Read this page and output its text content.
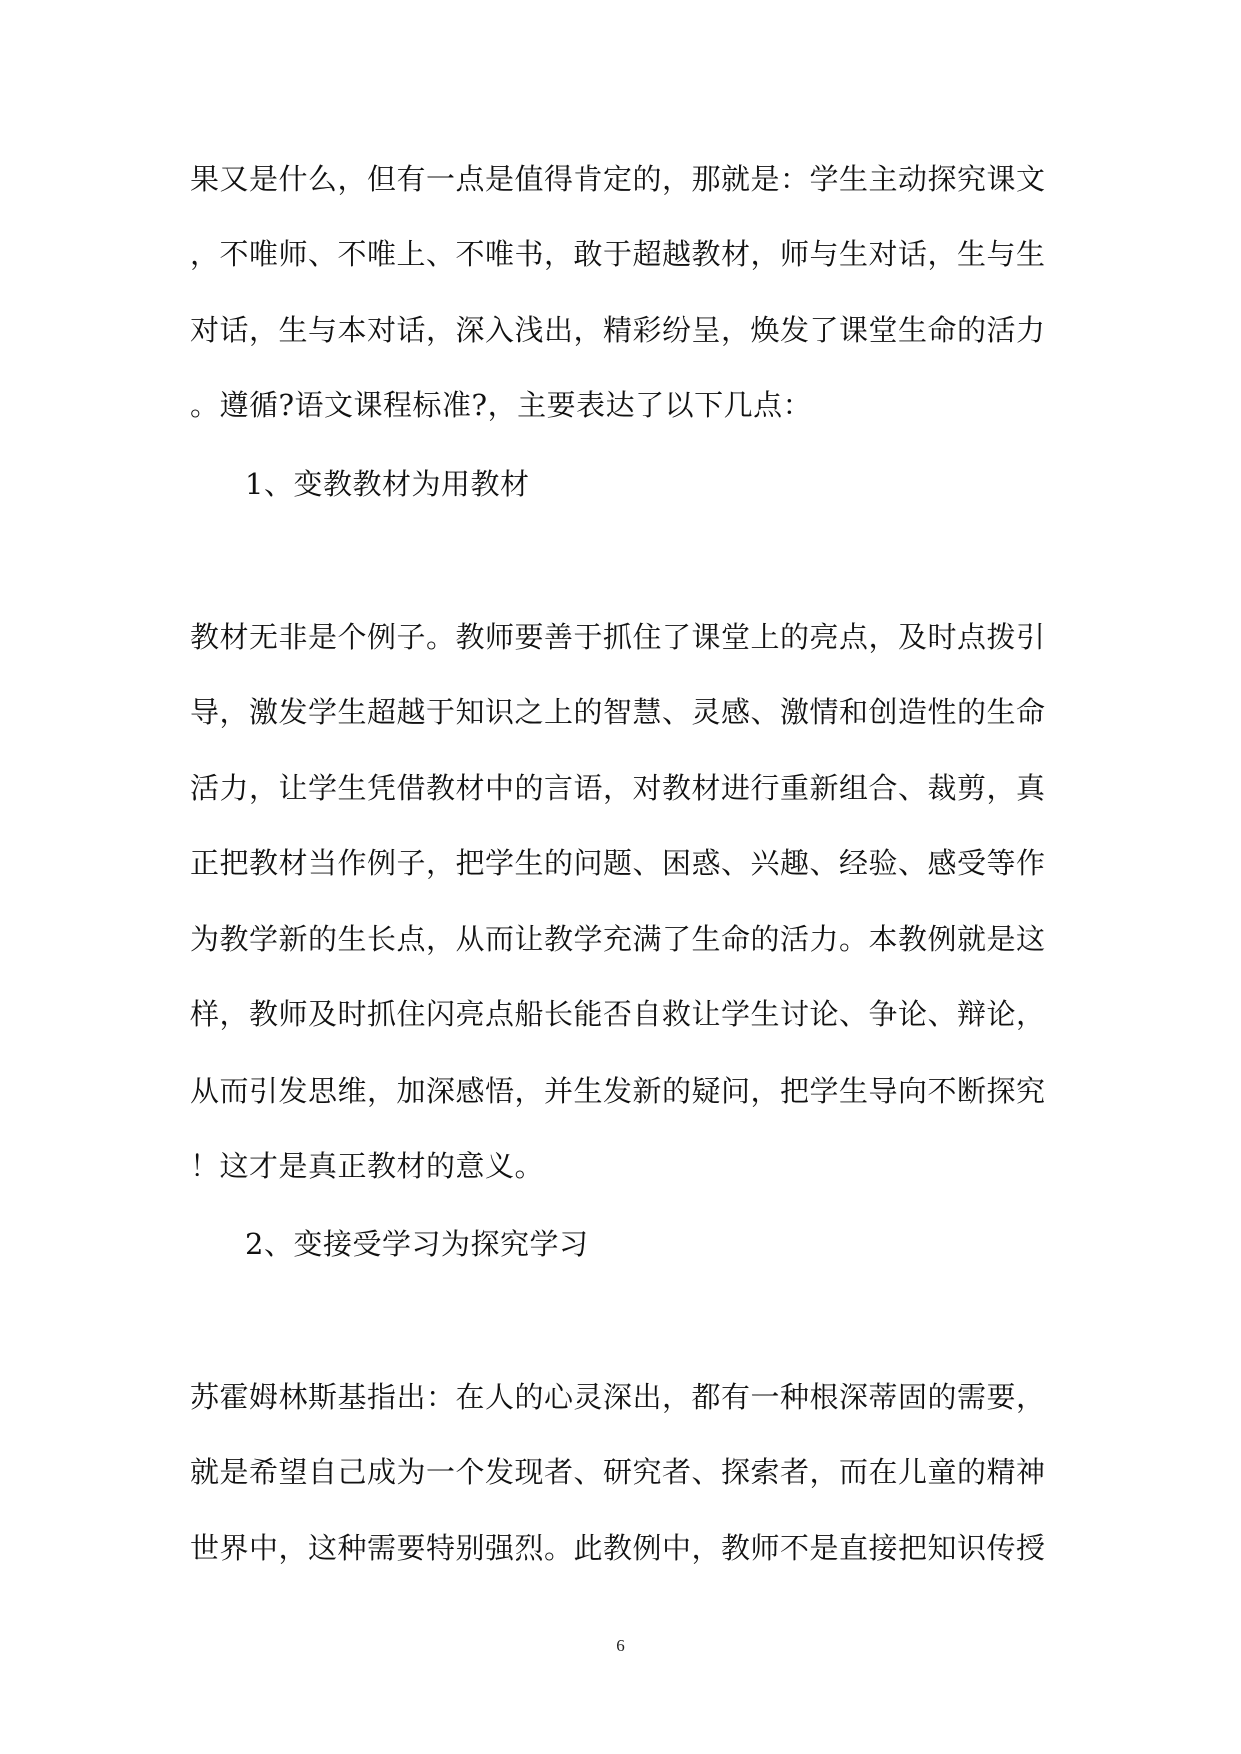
果又是什么，但有一点是值得肯定的，那就是：学生主动探究课文
，不唯师、不唯上、不唯书，敢于超越教材，师与生对话，生与生
对话，生与本对话，深入浅出，精彩纷呈，焕发了课堂生命的活力
。遵循?语文课程标准?，主要表达了以下几点：
1、变教教材为用教材
教材无非是个例子。教师要善于抓住了课堂上的亮点，及时点拨引
导，激发学生超越于知识之上的智慧、灵感、激情和创造性的生命
活力，让学生凭借教材中的言语，对教材进行重新组合、裁剪，真
正把教材当作例子，把学生的问题、困惑、兴趣、经验、感受等作
为教学新的生长点，从而让教学充满了生命的活力。本教例就是这
样，教师及时抓住闪亮点船长能否自救让学生讨论、争论、辩论，
从而引发思维，加深感悟，并生发新的疑问，把学生导向不断探究
！这才是真正教材的意义。
2、变接受学习为探究学习
苏霍姆林斯基指出：在人的心灵深出，都有一种根深蒂固的需要，
就是希望自己成为一个发现者、研究者、探索者，而在儿童的精神
世界中，这种需要特别强烈。此教例中，教师不是直接把知识传授
6
